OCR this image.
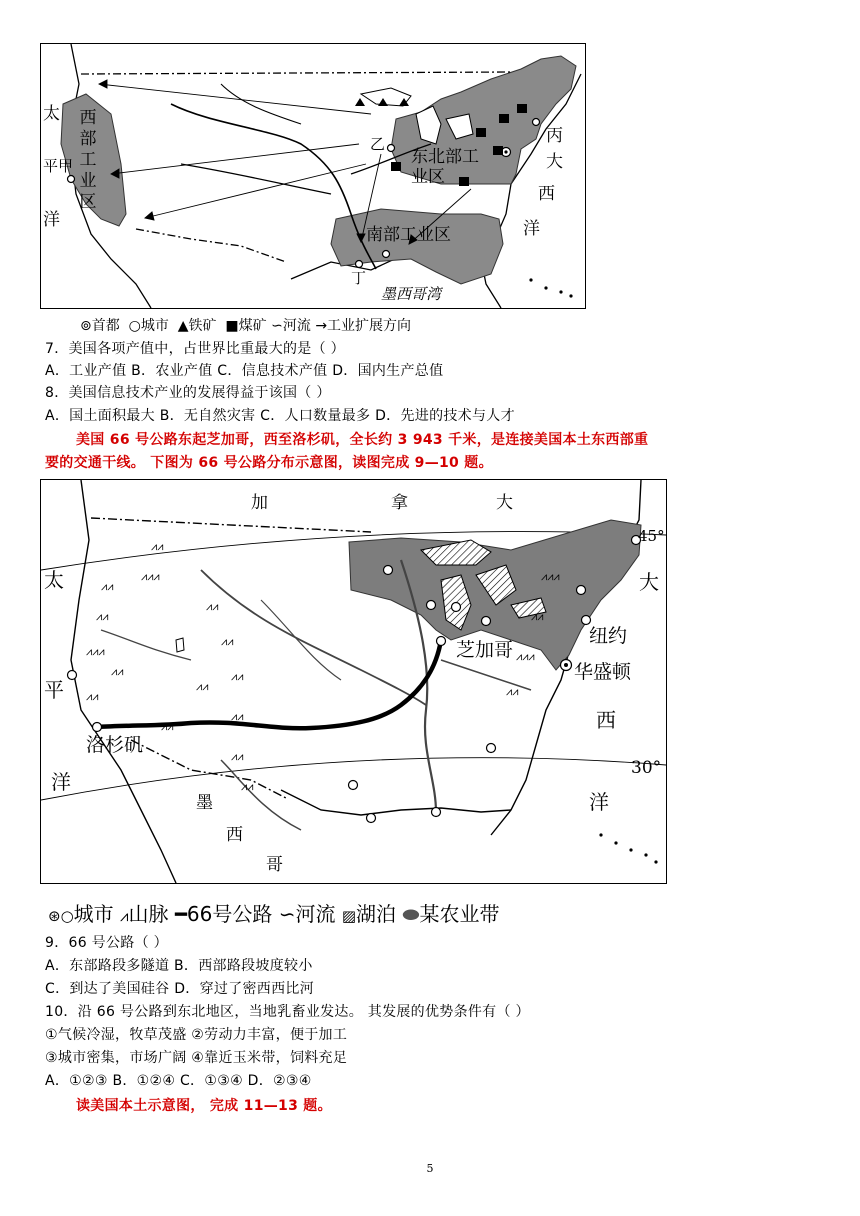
太
平甲
洋
西部工业区
东北部工业区
南部工业区
乙
丁
丙
大
西
洋
墨西哥湾
⊚首都  ○城市  ▲铁矿  ■煤矿 ∽河流 →工业扩展方向
7．美国各项产值中，占世界比重最大的是（ ）
A．工业产值 B．农业产值 C．信息技术产值 D．国内生产总值
8．美国信息技术产业的发展得益于该国（ ）
A．国土面积最大 B．无自然灾害 C．人口数量最多 D．先进的技术与人才
美国 66 号公路东起芝加哥，西至洛杉矶，全长约 3 943 千米，是连接美国本土东西部重
要的交通干线。 下图为 66 号公路分布示意图，读图完成 9—10 题。
⩘⩘
⩘⩘⩘
⩘⩘
⩘⩘
⩘⩘⩘
⩘⩘
⩘⩘
⩘⩘
⩘⩘
⩘⩘
⩘⩘
⩘⩘
⩘⩘
⩘⩘⩘
⩘⩘
⩘⩘⩘
⩘⩘
⩘⩘
⩘⩘
加	拿	大
太
平
洋
洛杉矶
芝加哥
纽约
华盛顿
大
西
洋
墨
西
哥
45°
30°
⊛○城市 ⩘山脉 ━66号公路 ∽河流 ▨湖泊 ⬬某农业带
9．66 号公路（ ）
A．东部路段多隧道 B．西部路段坡度较小
C．到达了美国硅谷 D．穿过了密西西比河
10．沿 66 号公路到东北地区，当地乳畜业发达。 其发展的优势条件有（ ）
①气候冷湿，牧草茂盛 ②劳动力丰富，便于加工
③城市密集，市场广阔 ④靠近玉米带，饲料充足
A．①②③ B．①②④ C．①③④ D．②③④
读美国本土示意图， 完成 11—13 题。
5
